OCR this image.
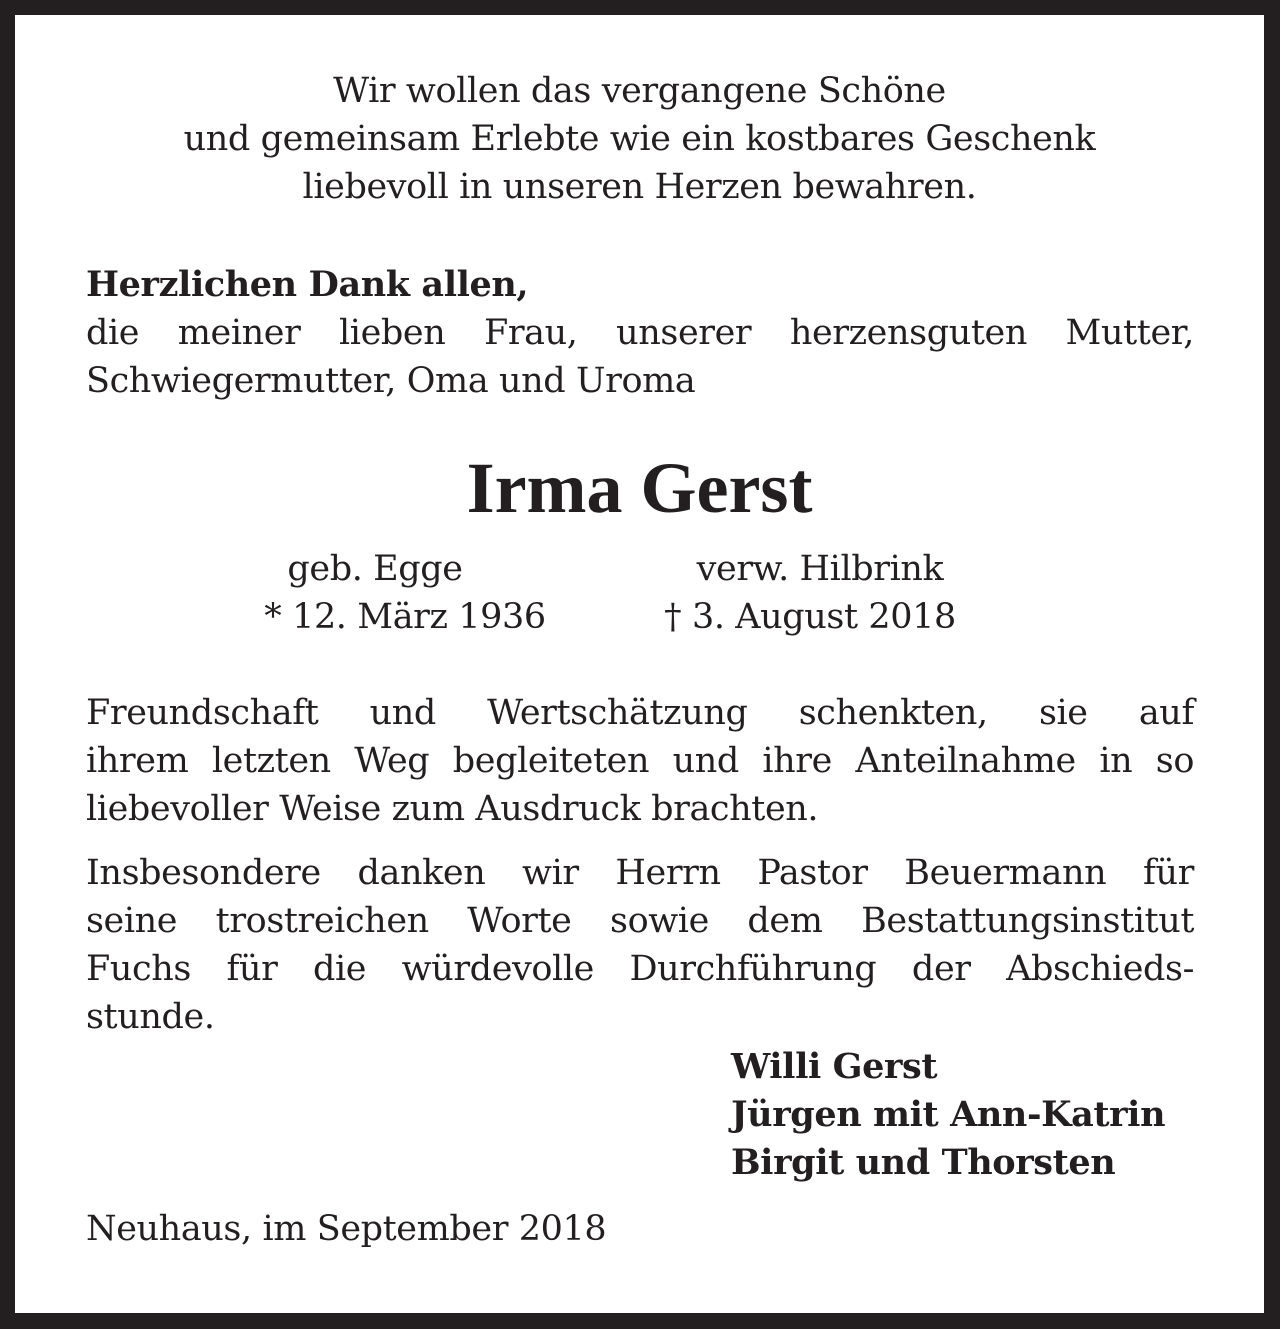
Wir wollen das vergangene Schöne
und gemeinsam Erlebte wie ein kostbares Geschenk
liebevoll in unseren Herzen bewahren.
Herzlichen Dank allen,
die meiner lieben Frau, unserer herzensguten Mutter,
Schwiegermutter, Oma und Uroma
Irma Gerst
geb. Egge	verw. Hilbrink
* 12. März 1936	† 3. August 2018
Freundschaft und Wertschätzung schenkten, sie auf
ihrem letzten Weg begleiteten und ihre Anteilnahme in so
liebevoller Weise zum Ausdruck brachten.
Insbesondere danken wir Herrn Pastor Beuermann für
seine trostreichen Worte sowie dem Bestattungsinstitut
Fuchs für die würdevolle Durchführung der Abschieds-
stunde.
Willi Gerst
Jürgen mit Ann-Katrin
Birgit und Thorsten
Neuhaus, im September 2018
